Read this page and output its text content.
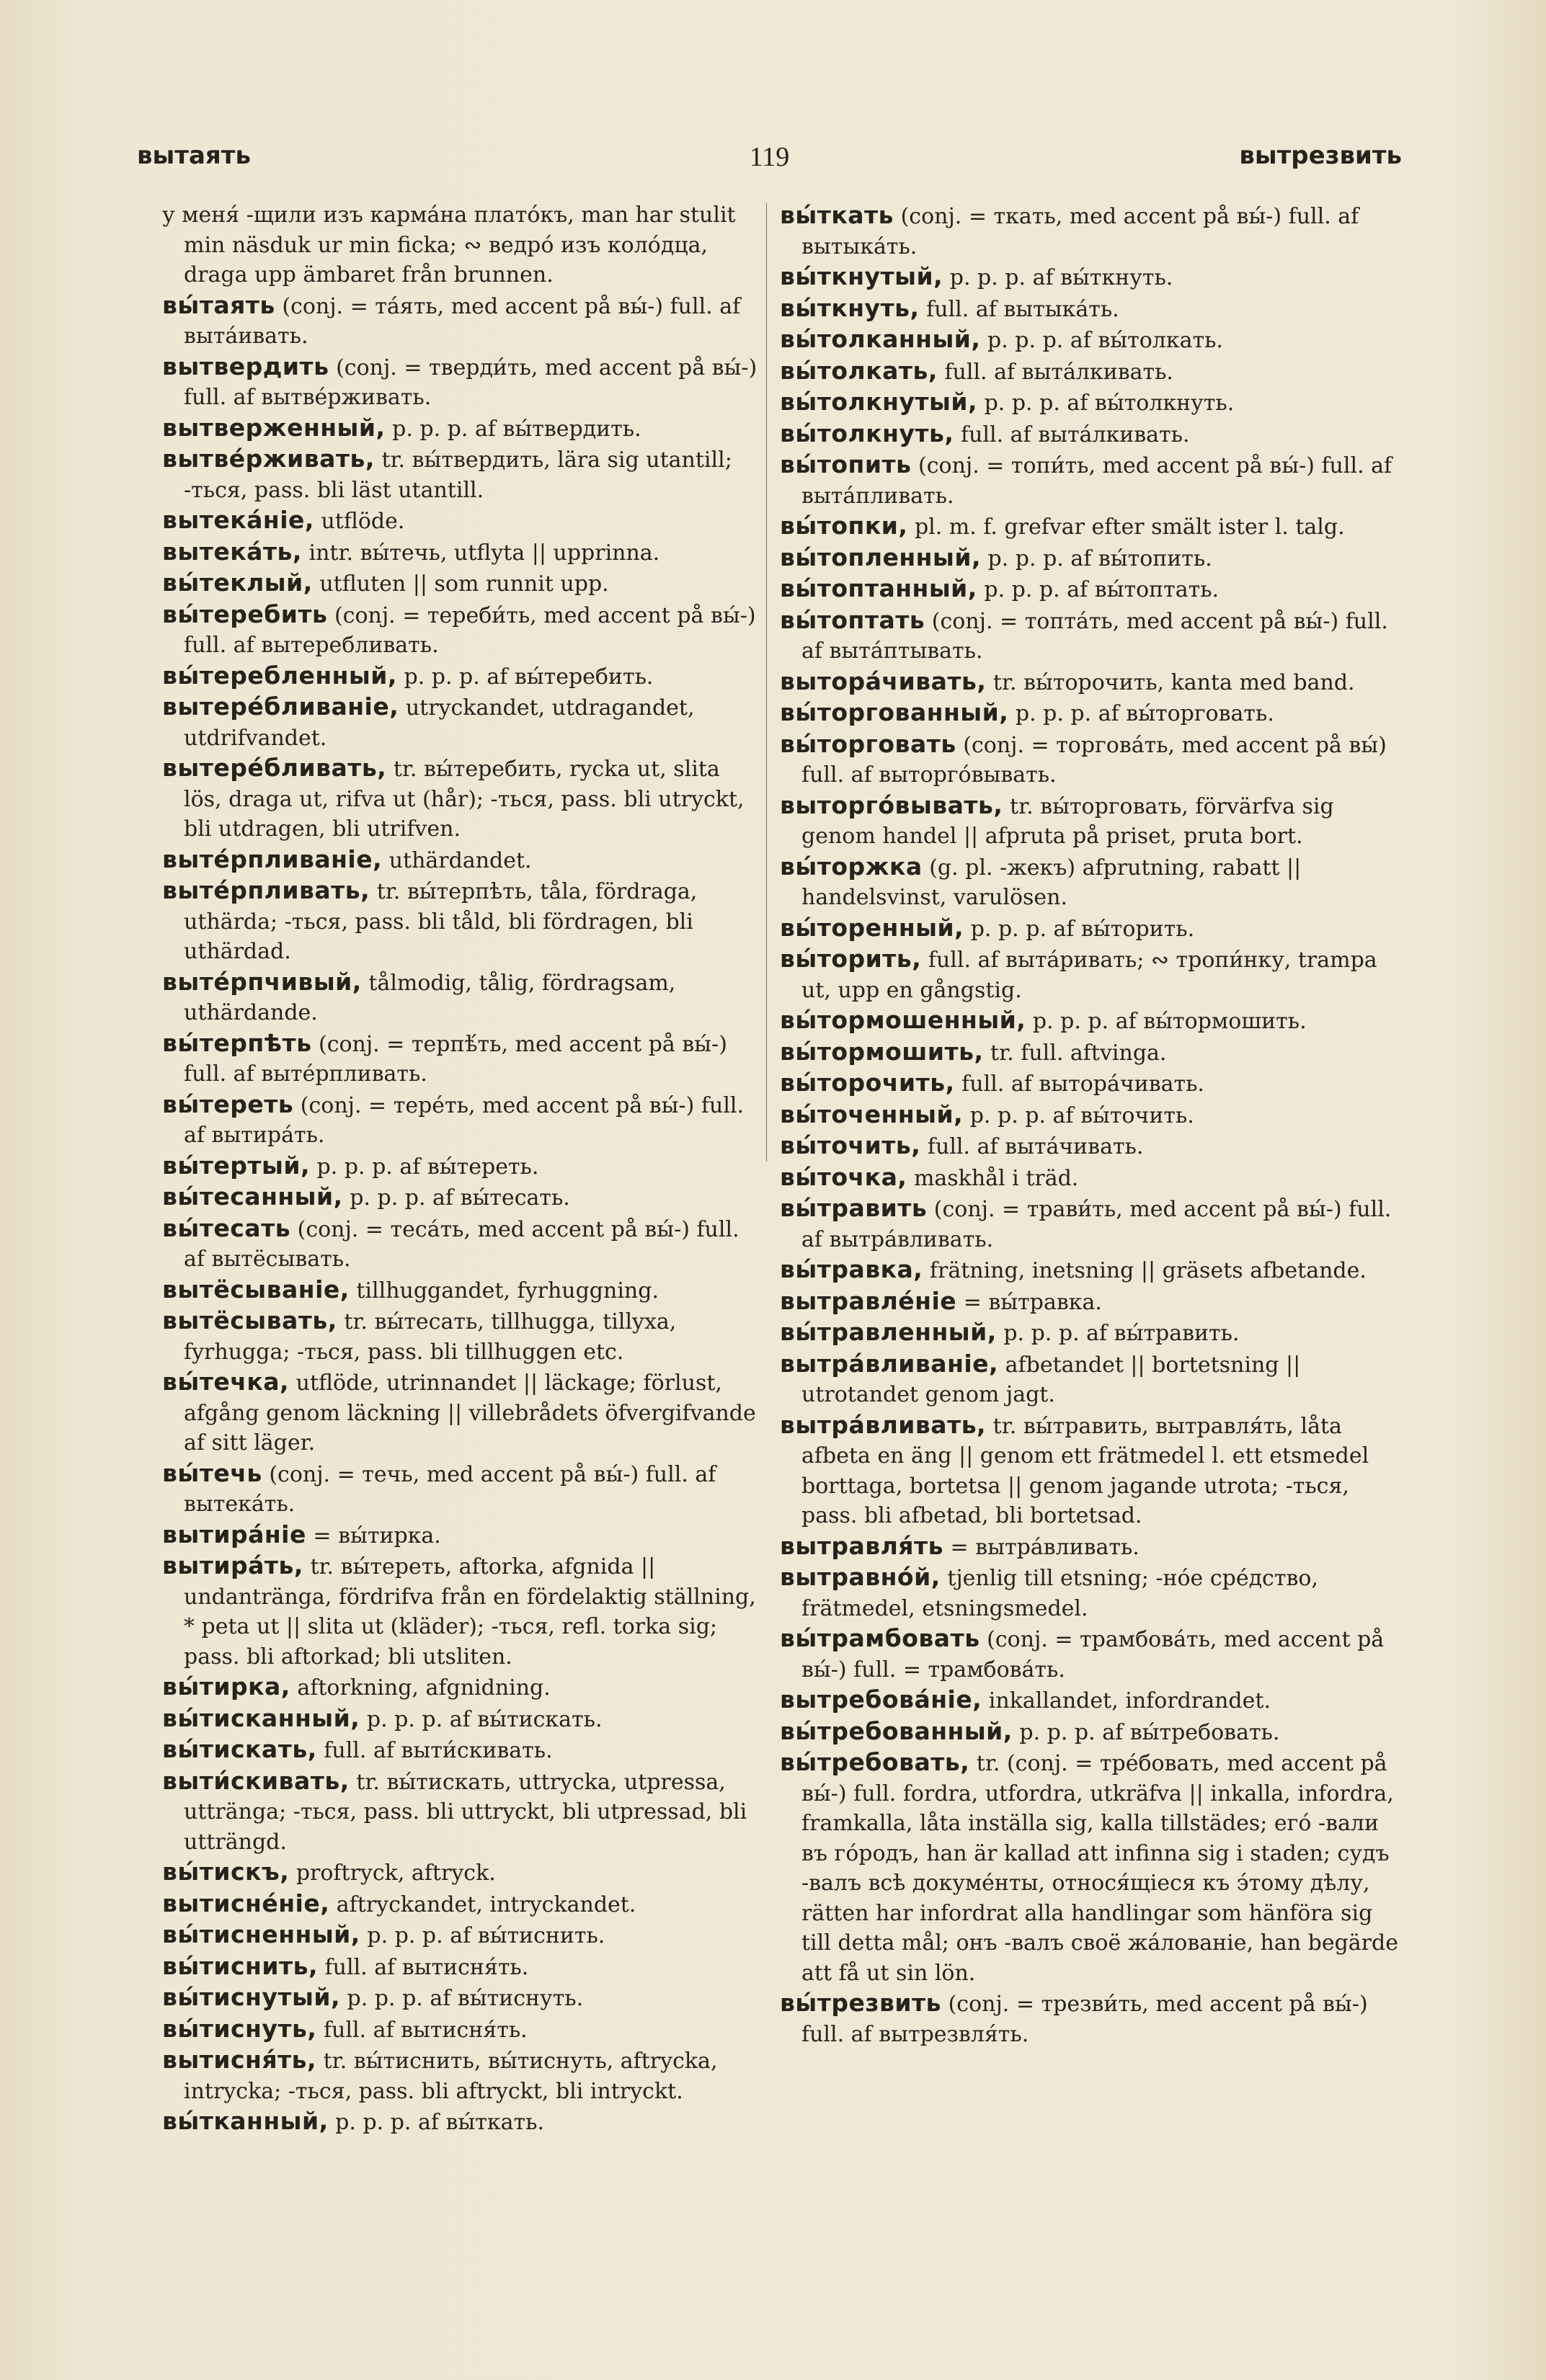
119
вытаять	вытрезвить

у меня́ -щили изъ карма́на плато́къ, man har stulit min näsduk ur min ficka; ∾ ведро́ изъ коло́дца, draga upp ämbaret från brunnen.

вы́таять (conj. = та́ять, med accent på вы́-) full. af выта́ивать.

вытвердить (conj. = тверди́ть, med accent på вы́-) full. af вытвéрживать.

вытверженный, p. p. p. af вы́твердить.

вытвéрживать, tr. вы́твердить, lära sig utantill; -ться, pass. bli läst utantill.

вытека́ніе, utflöde.

вытека́ть, intr. вы́течь, utflyta || upprinna.

вы́теклый, utfluten || som runnit upp.

вы́теребить (conj. = тереби́ть, med accent på вы́-) full. af вытеребливать.

вы́теребленный, p. p. p. af вы́теребить.

вытере́бливаніе, utryckandet, utdragandet, utdrifvandet.

вытере́бливать, tr. вы́теребить, rycka ut, slita lös, draga ut, rifva ut (hår); -ться, pass. bli utryckt, bli utdragen, bli utrifven.

вытéрпливаніе, uthärdandet.

вытéрпливать, tr. вы́терпѣть, tåla, fördraga, uthärda; -ться, pass. bli tåld, bli fördragen, bli uthärdad.

вытéрпчивый, tålmodig, tålig, fördragsam, uthärdande.

вы́терпѣть (conj. = терпѣ́ть, med accent på вы́-) full. af вытéрпливать.

вы́тереть (conj. = тере́ть, med accent på вы́-) full. af вытира́ть.

вы́тертый, p. p. p. af вы́тереть.

вы́тесанный, p. p. p. af вы́тесать.

вы́тесать (conj. = теса́ть, med accent på вы́-) full. af вытёсывать.

вытёсываніе, tillhuggandet, fyrhuggning.

вытёсывать, tr. вы́тесать, tillhugga, tillyxa, fyrhugga; -ться, pass. bli tillhuggen etc.

вы́течка, utflöde, utrinnandet || läckage; förlust, afgång genom läckning || villebrådets öfvergifvande af sitt läger.

вы́течь (conj. = течь, med accent på вы́-) full. af вытека́ть.

вытира́ніе = вы́тирка.

вытира́ть, tr. вы́тереть, aftorka, afgnida || undanträngа, fördrifva från en fördelaktig ställning, * peta ut || slita ut (kläder); -ться, refl. torka sig; pass. bli aftorkad; bli utsliten.

вы́тирка, aftorkning, afgnidning.

вы́тисканный, p. p. p. af вы́тискать.

вы́тискать, full. af выти́скивать.

выти́скивать, tr. вы́тискать, uttrycka, utpressa, utträngа; -ться, pass. bli uttryckt, bli utpressad, bli utträngd.

вы́тискъ, proftryck, aftryck.

вытисне́ніе, aftryckandet, intryckandet.

вы́тисненный, p. p. p. af вы́тиснить.

вы́тиснить, full. af вытисня́ть.

вы́тиснутый, p. p. p. af вы́тиснуть.

вы́тиснуть, full. af вытисня́ть.

вытисня́ть, tr. вы́тиснить, вы́тиснуть, aftrycka, intrycka; -ться, pass. bli aftryckt, bli intryckt.

вы́тканный, p. p. p. af вы́ткать.

вы́ткать (conj. = ткать, med accent på вы́-) full. af вытыка́ть.

вы́ткнутый, p. p. p. af вы́ткнуть.

вы́ткнуть, full. af вытыка́ть.

вы́толканный, p. p. p. af вы́толкать.

вы́толкать, full. af выта́лкивать.

вы́толкнутый, p. p. p. af вы́толкнуть.

вы́толкнуть, full. af выта́лкивать.

вы́топить (conj. = топи́ть, med accent på вы́-) full. af выта́пливать.

вы́топки, pl. m. f. grefvar efter smält ister l. talg.

вы́топленный, p. p. p. af вы́топить.

вы́топтанный, p. p. p. af вы́топтать.

вы́топтать (conj. = топта́ть, med accent på вы́-) full. af выта́птывать.

выторáчивать, tr. вы́торочить, kanta med band.

вы́торгованный, p. p. p. af вы́торговать.

вы́торговать (conj. = торгова́ть, med accent på вы́) full. af выторго́вывать.

выторго́вывать, tr. вы́торговать, förvärfva sig genom handel || afpruta på priset, pruta bort.

вы́торжка (g. pl. -жекъ) afprutning, rabatt || handelsvinst, varulösen.

вы́торенный, p. p. p. af вы́торить.

вы́торить, full. af вытáривать; ∾ тропи́нку, trampa ut, upp en gångstig.

вы́тормошенный, p. p. p. af вы́тормошить.

вы́тормошить, tr. full. aftvinga.

вы́торочить, full. af выторáчивать.

вы́точенный, p. p. p. af вы́точить.

вы́точить, full. af выта́чивать.

вы́точка, maskhål i träd.

вы́травить (conj. = трави́ть, med accent på вы́-) full. af вытра́вливать.

вы́травка, frätning, inetsning || gräsets afbetande.

вытравле́ніе = вы́травка.

вы́травленный, p. p. p. af вы́травить.

вытра́вливаніе, afbetandet || bortetsning || utrotandet genom jagt.

вытра́вливать, tr. вы́травить, вытравля́ть, låta afbeta en äng || genom ett frätmedel l. ett etsmedel borttaga, bortetsa || genom jagande utrota; -ться, pass. bli afbetad, bli bortetsad.

вытравля́ть = вытра́вливать.

вытравно́й, tjenlig till etsning; -но́е сре́дство, frätmedel, etsningsmedel.

вы́трамбовать (conj. = трамбова́ть, med accent på вы́-) full. = трамбова́ть.

вытребова́ніе, inkallandet, infordrandet.

вы́требованный, p. p. p. af вы́требовать.

вы́требовать, tr. (conj. = тре́бовать, med accent på вы́-) full. fordra, utfordra, utkräfva || inkalla, infordra, framkalla, låta inställa sig, kalla tillstädes; его́ -вали въ го́родъ, han är kallad att infinna sig i staden; судъ -валъ всѣ докуме́нты, относя́щіеся къ э́тому дѣлу, rätten har infordrat alla handlingar som hänföra sig till detta mål; онъ -валъ своё жа́лованіе, han begärde att få ut sin lön.

вы́трезвить (conj. = трезви́ть, med accent på вы́-) full. af вытрезвля́ть.
